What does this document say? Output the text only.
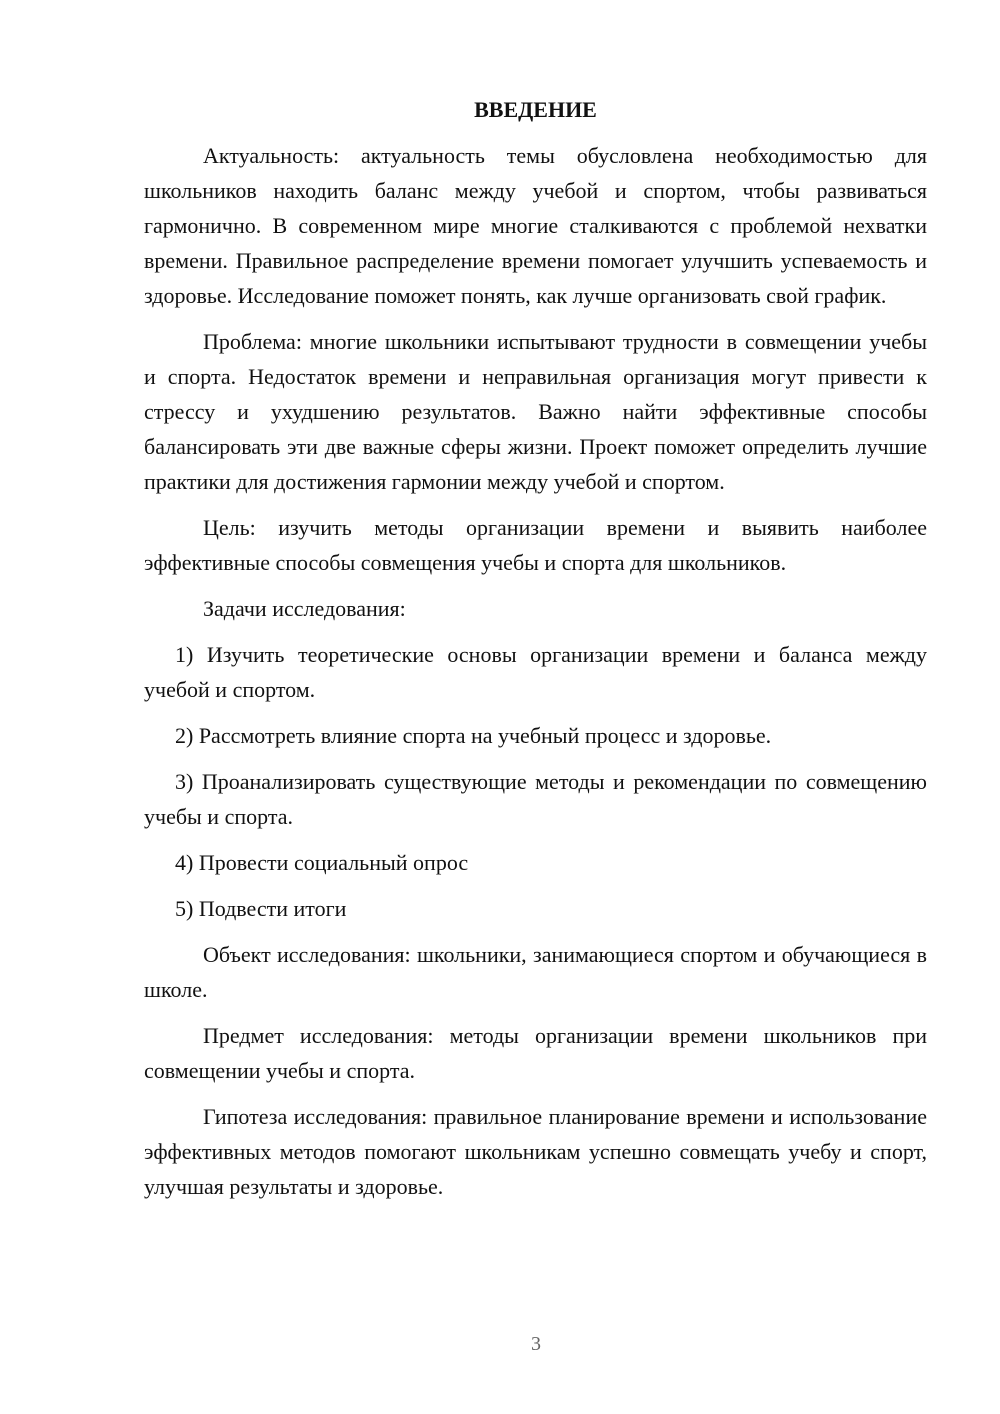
ВВЕДЕНИЕ

Актуальность: актуальность темы обусловлена необходимостью для школьников находить баланс между учебой и спортом, чтобы развиваться гармонично. В современном мире многие сталкиваются с проблемой нехватки времени. Правильное распределение времени помогает улучшить успеваемость и здоровье. Исследование поможет понять, как лучше организовать свой график.

Проблема: многие школьники испытывают трудности в совмещении учебы и спорта. Недостаток времени и неправильная организация могут привести к стрессу и ухудшению результатов. Важно найти эффективные способы балансировать эти две важные сферы жизни. Проект поможет определить лучшие практики для достижения гармонии между учебой и спортом.

Цель: изучить методы организации времени и выявить наиболее эффективные способы совмещения учебы и спорта для школьников.

Задачи исследования:

1) Изучить теоретические основы организации времени и баланса между учебой и спортом.

2) Рассмотреть влияние спорта на учебный процесс и здоровье.

3) Проанализировать существующие методы и рекомендации по совмещению учебы и спорта.

4) Провести социальный опрос

5) Подвести итоги

Объект исследования: школьники, занимающиеся спортом и обучающиеся в школе.

Предмет исследования: методы организации времени школьников при совмещении учебы и спорта.

Гипотеза исследования: правильное планирование времени и использование эффективных методов помогают школьникам успешно совмещать учебу и спорт, улучшая результаты и здоровье.

3
